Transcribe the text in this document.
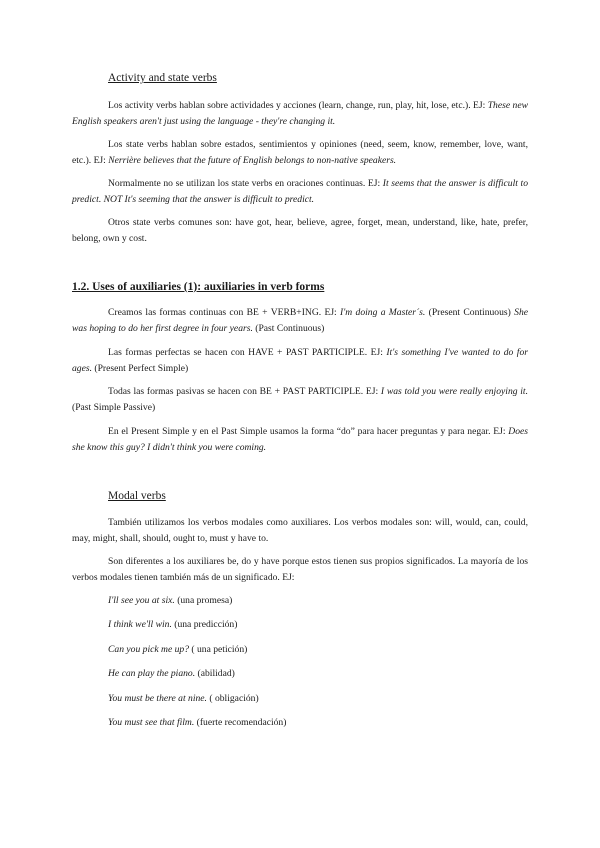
Activity and state verbs

Los activity verbs hablan sobre actividades y acciones (learn, change, run, play, hit, lose, etc.). EJ: These new English speakers aren't just using the language - they're changing it.

Los state verbs hablan sobre estados, sentimientos y opiniones (need, seem, know, remember, love, want, etc.). EJ: Nerrière believes that the future of English belongs to non-native speakers.

Normalmente no se utilizan los state verbs en oraciones continuas. EJ: It seems that the answer is difficult to predict. NOT It's seeming that the answer is difficult to predict.

Otros state verbs comunes son: have got, hear, believe, agree, forget, mean, understand, like, hate, prefer, belong, own y cost.

1.2. Uses of auxiliaries (1): auxiliaries in verb forms

Creamos las formas continuas con BE + VERB+ING. EJ: I'm doing a Master´s. (Present Continuous) She was hoping to do her first degree in four years. (Past Continuous)

Las formas perfectas se hacen con HAVE + PAST PARTICIPLE. EJ: It's something I've wanted to do for ages. (Present Perfect Simple)

Todas las formas pasivas se hacen con BE + PAST PARTICIPLE. EJ: I was told you were really enjoying it. (Past Simple Passive)

En el Present Simple y en el Past Simple usamos la forma “do” para hacer preguntas y para negar. EJ: Does she know this guy? I didn't think you were coming.

Modal verbs

También utilizamos los verbos modales como auxiliares. Los verbos modales son: will, would, can, could, may, might, shall, should, ought to, must y have to.

Son diferentes a los auxiliares be, do y have porque estos tienen sus propios significados. La mayoría de los verbos modales tienen también más de un significado. EJ:

I'll see you at six. (una promesa)

I think we'll win. (una predicción)

Can you pick me up? ( una petición)

He can play the piano. (abilidad)

You must be there at nine. ( obligación)

You must see that film. (fuerte recomendación)
